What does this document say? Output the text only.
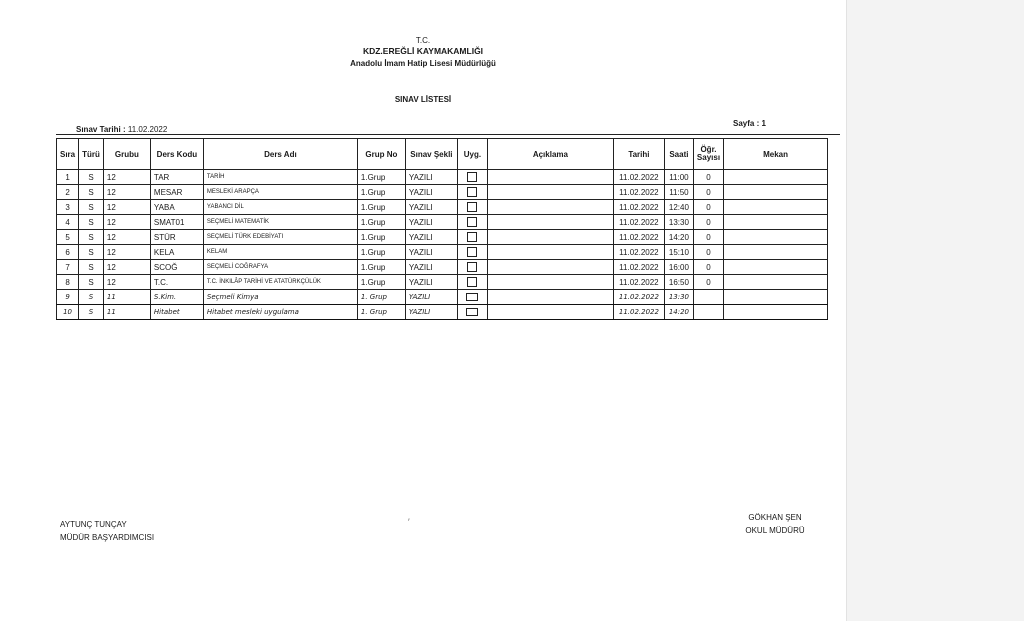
T.C.
KDZ.EREĞLİ KAYMAKAMLIĞI
Anadolu İmam Hatip Lisesi Müdürlüğü
SINAV LİSTESİ
Sınav Tarihi : 11.02.2022
Sayfa : 1
Sıra	Türü	Grubu	Ders Kodu	Ders Adı	Grup No	Sınav Şekli	Uyg.	Açıklama	Tarihi	Saati	Öğr. Sayısı	Mekan
1	S	12	TAR	TARİH	1.Grup	YAZILI			11.02.2022	11:00	0	
2	S	12	MESAR	MESLEKİ ARAPÇA	1.Grup	YAZILI			11.02.2022	11:50	0	
3	S	12	YABA	YABANCI DİL	1.Grup	YAZILI			11.02.2022	12:40	0	
4	S	12	SMAT01	SEÇMELİ MATEMATİK	1.Grup	YAZILI			11.02.2022	13:30	0	
5	S	12	STÜR	SEÇMELİ TÜRK EDEBİYATI	1.Grup	YAZILI			11.02.2022	14:20	0	
6	S	12	KELA	KELAM	1.Grup	YAZILI			11.02.2022	15:10	0	
7	S	12	SCOĞ	SEÇMELİ COĞRAFYA	1.Grup	YAZILI			11.02.2022	16:00	0	
8	S	12	T.C.	T.C. İNKILÂP TARİHİ VE ATATÜRKÇÜLÜK	1.Grup	YAZILI			11.02.2022	16:50	0	
9	S	11	S.Kim.	Seçmeli Kimya	1. Grup	YAZILI			11.02.2022	13:30		
10	S	11	Hitabet	Hitabet mesleki uygulama	1. Grup	YAZILI			11.02.2022	14:20		
AYTUNÇ TUNÇAY
MÜDÜR BAŞYARDIMCISI
′	GÖKHAN ŞEN
OKUL MÜDÜRÜ
